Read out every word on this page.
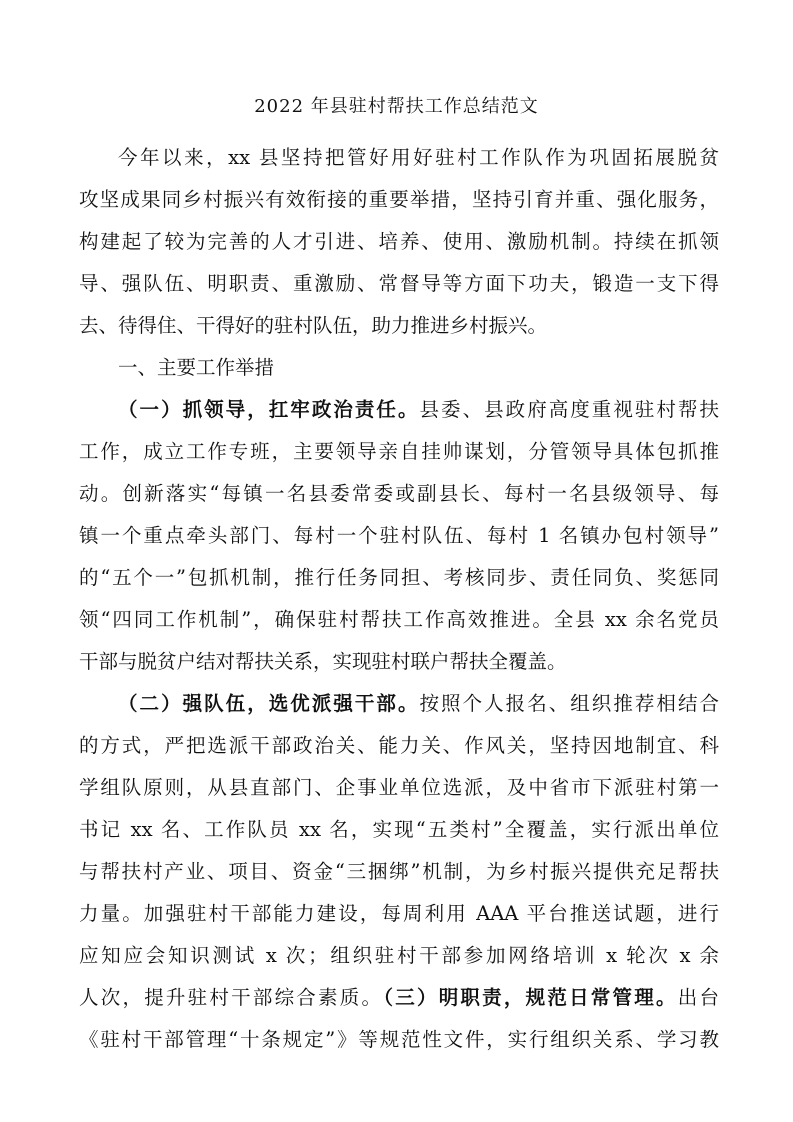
2022 年县驻村帮扶工作总结范文
今年以来，xx 县坚持把管好用好驻村工作队作为巩固拓展脱贫
攻坚成果同乡村振兴有效衔接的重要举措，坚持引育并重、强化服务，
构建起了较为完善的人才引进、培养、使用、激励机制。持续在抓领
导、强队伍、明职责、重激励、常督导等方面下功夫，锻造一支下得
去、待得住、干得好的驻村队伍，助力推进乡村振兴。
一、主要工作举措
（一）抓领导，扛牢政治责任。县委、县政府高度重视驻村帮扶
工作，成立工作专班，主要领导亲自挂帅谋划，分管领导具体包抓推
动。创新落实“每镇一名县委常委或副县长、每村一名县级领导、每
镇一个重点牵头部门、每村一个驻村队伍、每村 1 名镇办包村领导”
的“五个一”包抓机制，推行任务同担、考核同步、责任同负、奖惩同
领“四同工作机制”，确保驻村帮扶工作高效推进。全县 xx 余名党员
干部与脱贫户结对帮扶关系，实现驻村联户帮扶全覆盖。
（二）强队伍，选优派强干部。按照个人报名、组织推荐相结合
的方式，严把选派干部政治关、能力关、作风关，坚持因地制宜、科
学组队原则，从县直部门、企事业单位选派，及中省市下派驻村第一
书记 xx 名、工作队员 xx 名，实现“五类村”全覆盖，实行派出单位
与帮扶村产业、项目、资金“三捆绑”机制，为乡村振兴提供充足帮扶
力量。加强驻村干部能力建设，每周利用 AAA 平台推送试题，进行
应知应会知识测试 x 次；组织驻村干部参加网络培训 x 轮次 x 余
人次，提升驻村干部综合素质。（三）明职责，规范日常管理。出台
《驻村干部管理“十条规定”》等规范性文件，实行组织关系、学习教
